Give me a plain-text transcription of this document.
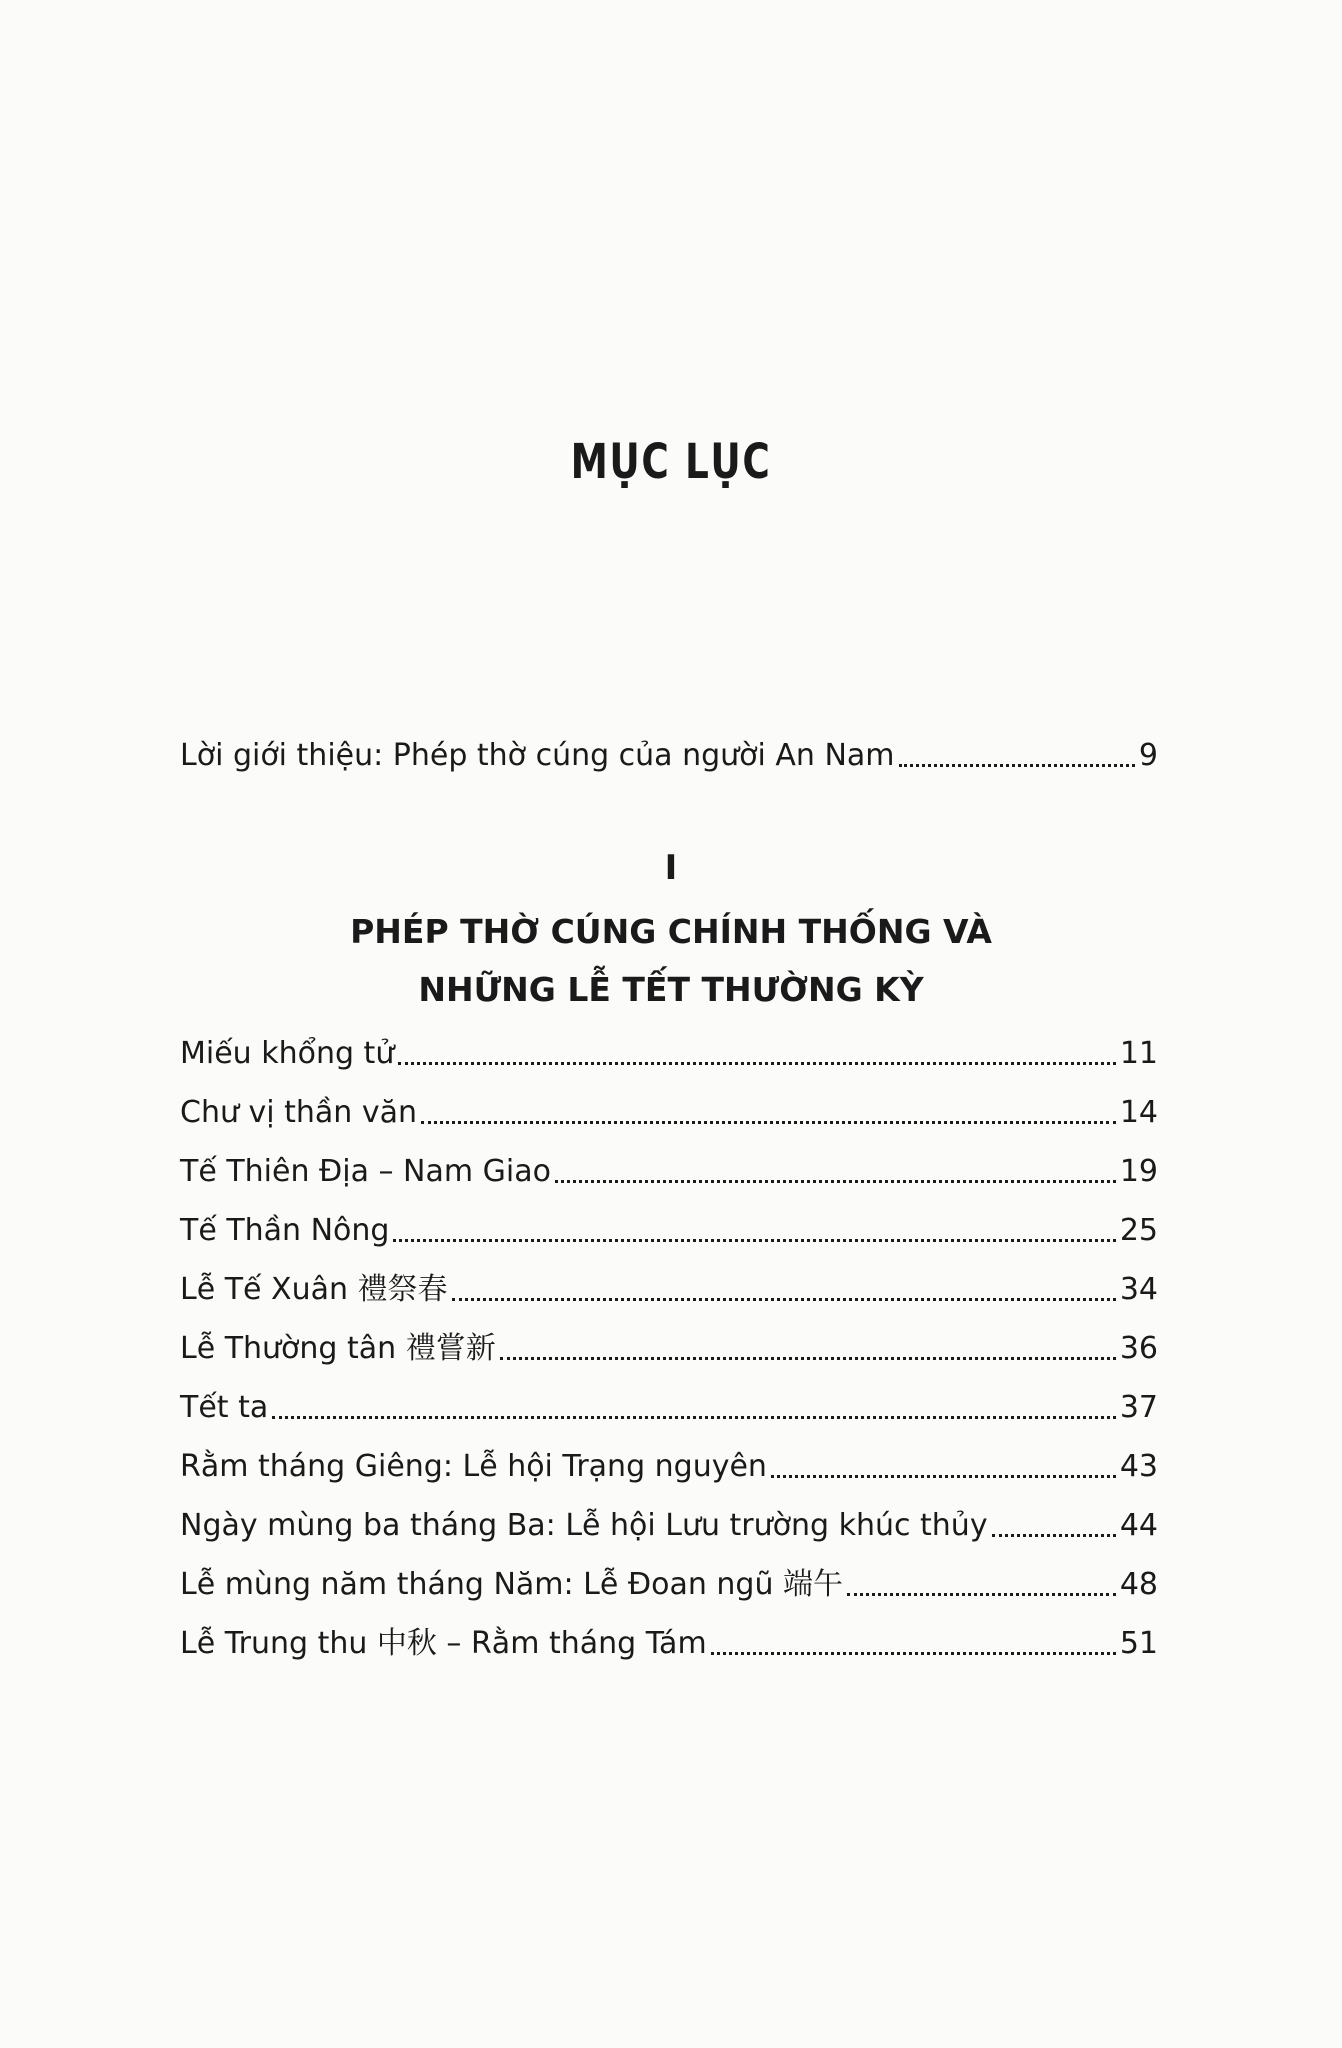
MỤC LỤC
Lời giới thiệu: Phép thờ cúng của người An Nam	9
I
PHÉP THỜ CÚNG CHÍNH THỐNG VÀ
NHỮNG LỄ TẾT THƯỜNG KỲ
Miếu khổng tử	11
Chư vị thần văn	14
Tế Thiên Địa – Nam Giao	19
Tế Thần Nông	25
Lễ Tế Xuân 禮祭春	34
Lễ Thường tân 禮嘗新	36
Tết ta	37
Rằm tháng Giêng: Lễ hội Trạng nguyên	43
Ngày mùng ba tháng Ba: Lễ hội Lưu trường khúc thủy	44
Lễ mùng năm tháng Năm: Lễ Đoan ngũ 端午	48
Lễ Trung thu 中秋 – Rằm tháng Tám	51
